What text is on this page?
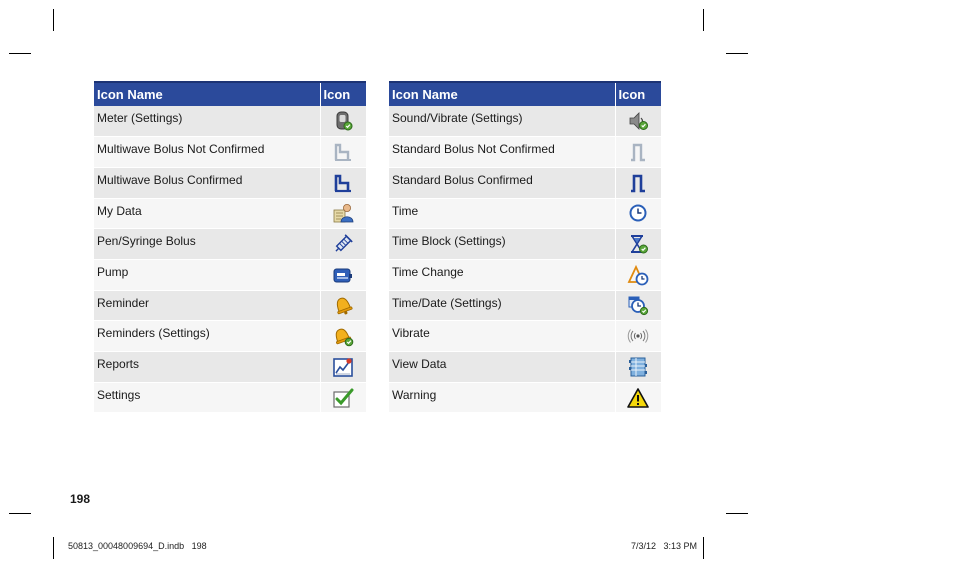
Icon Name	Icon
Meter (Settings)	
Multiwave Bolus Not Confirmed	
Multiwave Bolus Confirmed	
My Data	
Pen/Syringe Bolus	
Pump	
Reminder	
Reminders (Settings)	
Reports	
Settings	
Icon Name	Icon
Sound/Vibrate (Settings)	
Standard Bolus Not Confirmed	
Standard Bolus Confirmed	
Time	
Time Block (Settings)	
Time Change	
Time/Date (Settings)	
Vibrate	
View Data	
Warning	
198
50813_00048009694_D.indb   198	7/3/12   3:13 PM
